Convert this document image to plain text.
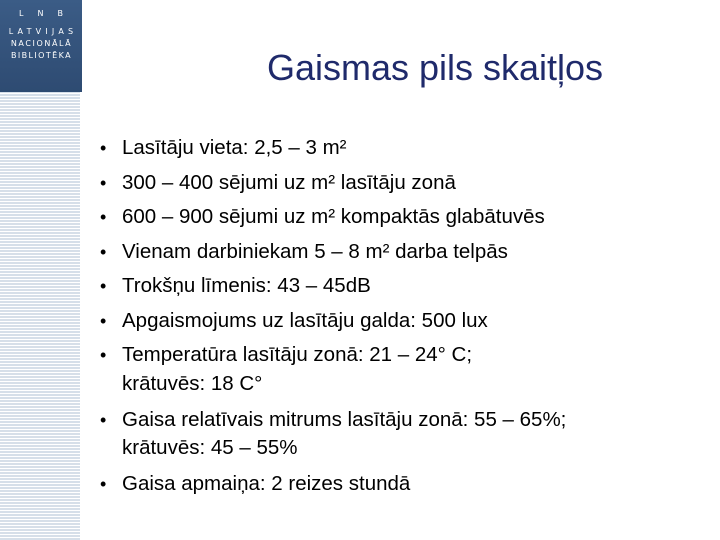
LNB
LATVIJAS
NACIONĀLĀ
BIBLIOTĒKA	Gaismas pils skaitļos
• Lasītāju vieta: 2,5 – 3 m²
• 300 – 400 sējumi uz m² lasītāju zonā
• 600 – 900 sējumi uz m² kompaktās glabātuvēs
• Vienam darbiniekam 5 – 8 m² darba telpās
• Trokšņu līmenis: 43 – 45dB
• Apgaismojums uz lasītāju galda: 500 lux
• Temperatūra lasītāju zonā: 21 – 24° C;
krātuvēs: 18 C°
• Gaisa relatīvais mitrums lasītāju zonā: 55 – 65%;
krātuvēs: 45 – 55%
• Gaisa apmaiņa: 2 reizes stundā
